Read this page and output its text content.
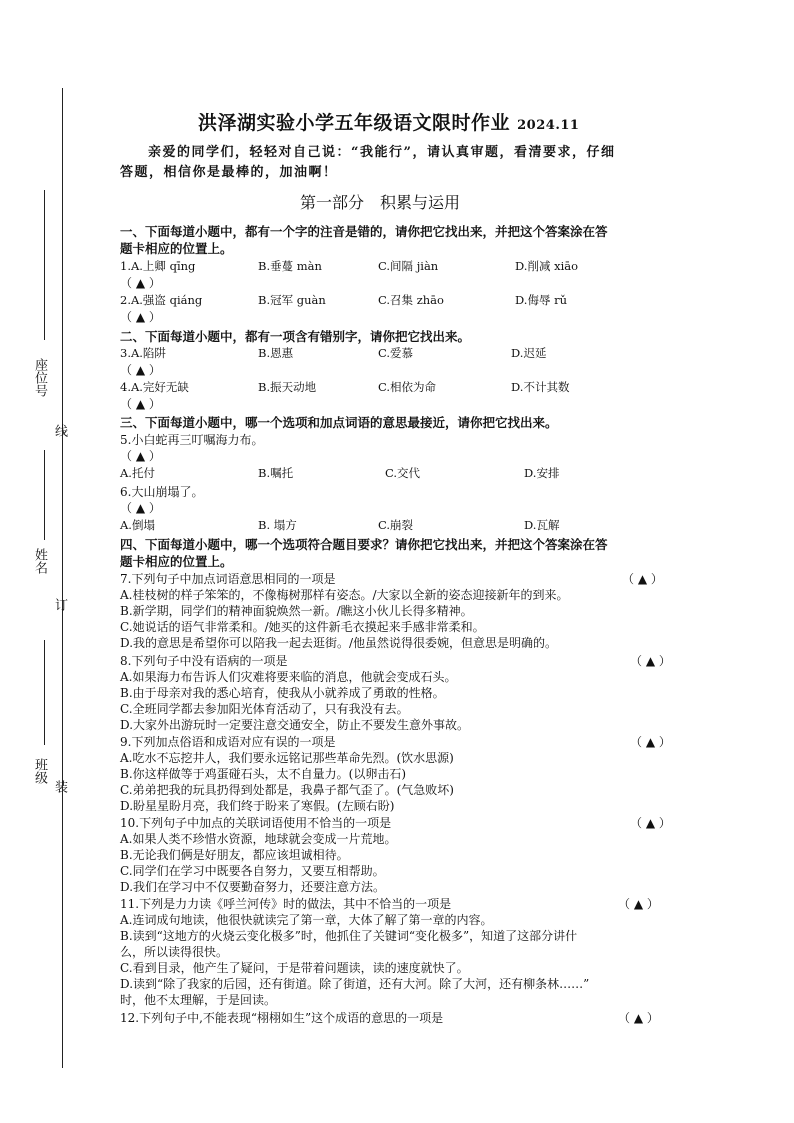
座位号
线
姓名
订
班级
装
洪泽湖实验小学五年级语文限时作业 2024.11
亲爱的同学们，轻轻对自己说：“我能行”，请认真审题，看清要求，仔细
答题，相信你是最棒的，加油啊！
第一部分　积累与运用
一、下面每道小题中，都有一个字的注音是错的，请你把它找出来，并把这个答案涂在答
题卡相应的位置上。
1.A.上卿 qīng	B.垂蔓 màn	C.间隔 jiàn	D.削减 xiāo
（ ▲ ）
2.A.强盗 qiáng	B.冠军 guàn	C.召集 zhāo	D.侮辱 rǔ
（ ▲ ）
二、下面每道小题中，都有一项含有错别字，请你把它找出来。
3.A.陷阱	B.恩惠	C.爱慕	D.迟延
（ ▲ ）
4.A.完好无缺	B.振天动地	C.相依为命	D.不计其数
（ ▲ ）
三、下面每道小题中，哪一个选项和加点词语的意思最接近，请你把它找出来。
5.小白蛇再三叮嘱海力布。
（ ▲ ）
A.托付	B.嘱托	C.交代	D.安排
6.大山崩塌了。
（ ▲ ）
A.倒塌	B. 塌方	C.崩裂	D.瓦解
四、下面每道小题中，哪一个选项符合题目要求？请你把它找出来，并把这个答案涂在答
题卡相应的位置上。
7.下列句子中加点词语意思相同的一项是	（ ▲ ）
A.桂枝树的样子笨笨的，不像梅树那样有姿态。/大家以全新的姿态迎接新年的到来。
B.新学期，同学们的精神面貌焕然一新。/瞧这小伙儿长得多精神。
C.她说话的语气非常柔和。/她买的这件新毛衣摸起来手感非常柔和。
D.我的意思是希望你可以陪我一起去逛街。/他虽然说得很委婉，但意思是明确的。
8.下列句子中没有语病的一项是	（ ▲ ）
A.如果海力布告诉人们灾难将要来临的消息，他就会变成石头。
B.由于母亲对我的悉心培育，使我从小就养成了勇敢的性格。
C.全班同学都去参加阳光体育活动了，只有我没有去。
D.大家外出游玩时一定要注意交通安全，防止不要发生意外事故。
9.下列加点俗语和成语对应有误的一项是	（ ▲ ）
A.吃水不忘挖井人，我们要永远铭记那些革命先烈。(饮水思源)
B.你这样做等于鸡蛋碰石头，太不自量力。(以卵击石)
C.弟弟把我的玩具扔得到处都是，我鼻子都气歪了。(气急败坏)
D.盼星星盼月亮，我们终于盼来了寒假。(左顾右盼)
10.下列句子中加点的关联词语使用不恰当的一项是	（ ▲ ）
A.如果人类不珍惜水资源，地球就会变成一片荒地。
B.无论我们俩是好朋友，都应该坦诚相待。
C.同学们在学习中既要各自努力，又要互相帮助。
D.我们在学习中不仅要勤奋努力，还要注意方法。
11.下列是力力读《呼兰河传》时的做法，其中不恰当的一项是	（ ▲ ）
A.连词成句地读，他很快就读完了第一章，大体了解了第一章的内容。
B.读到“这地方的火烧云变化极多”时，他抓住了关键词“变化极多”，知道了这部分讲什
么，所以读得很快。
C.看到目录，他产生了疑问，于是带着问题读，读的速度就快了。
D.读到“除了我家的后园，还有街道。除了街道，还有大河。除了大河，还有柳条林……”
时，他不太理解，于是回读。
12.下列句子中,不能表现“栩栩如生”这个成语的意思的一项是	（ ▲ ）
